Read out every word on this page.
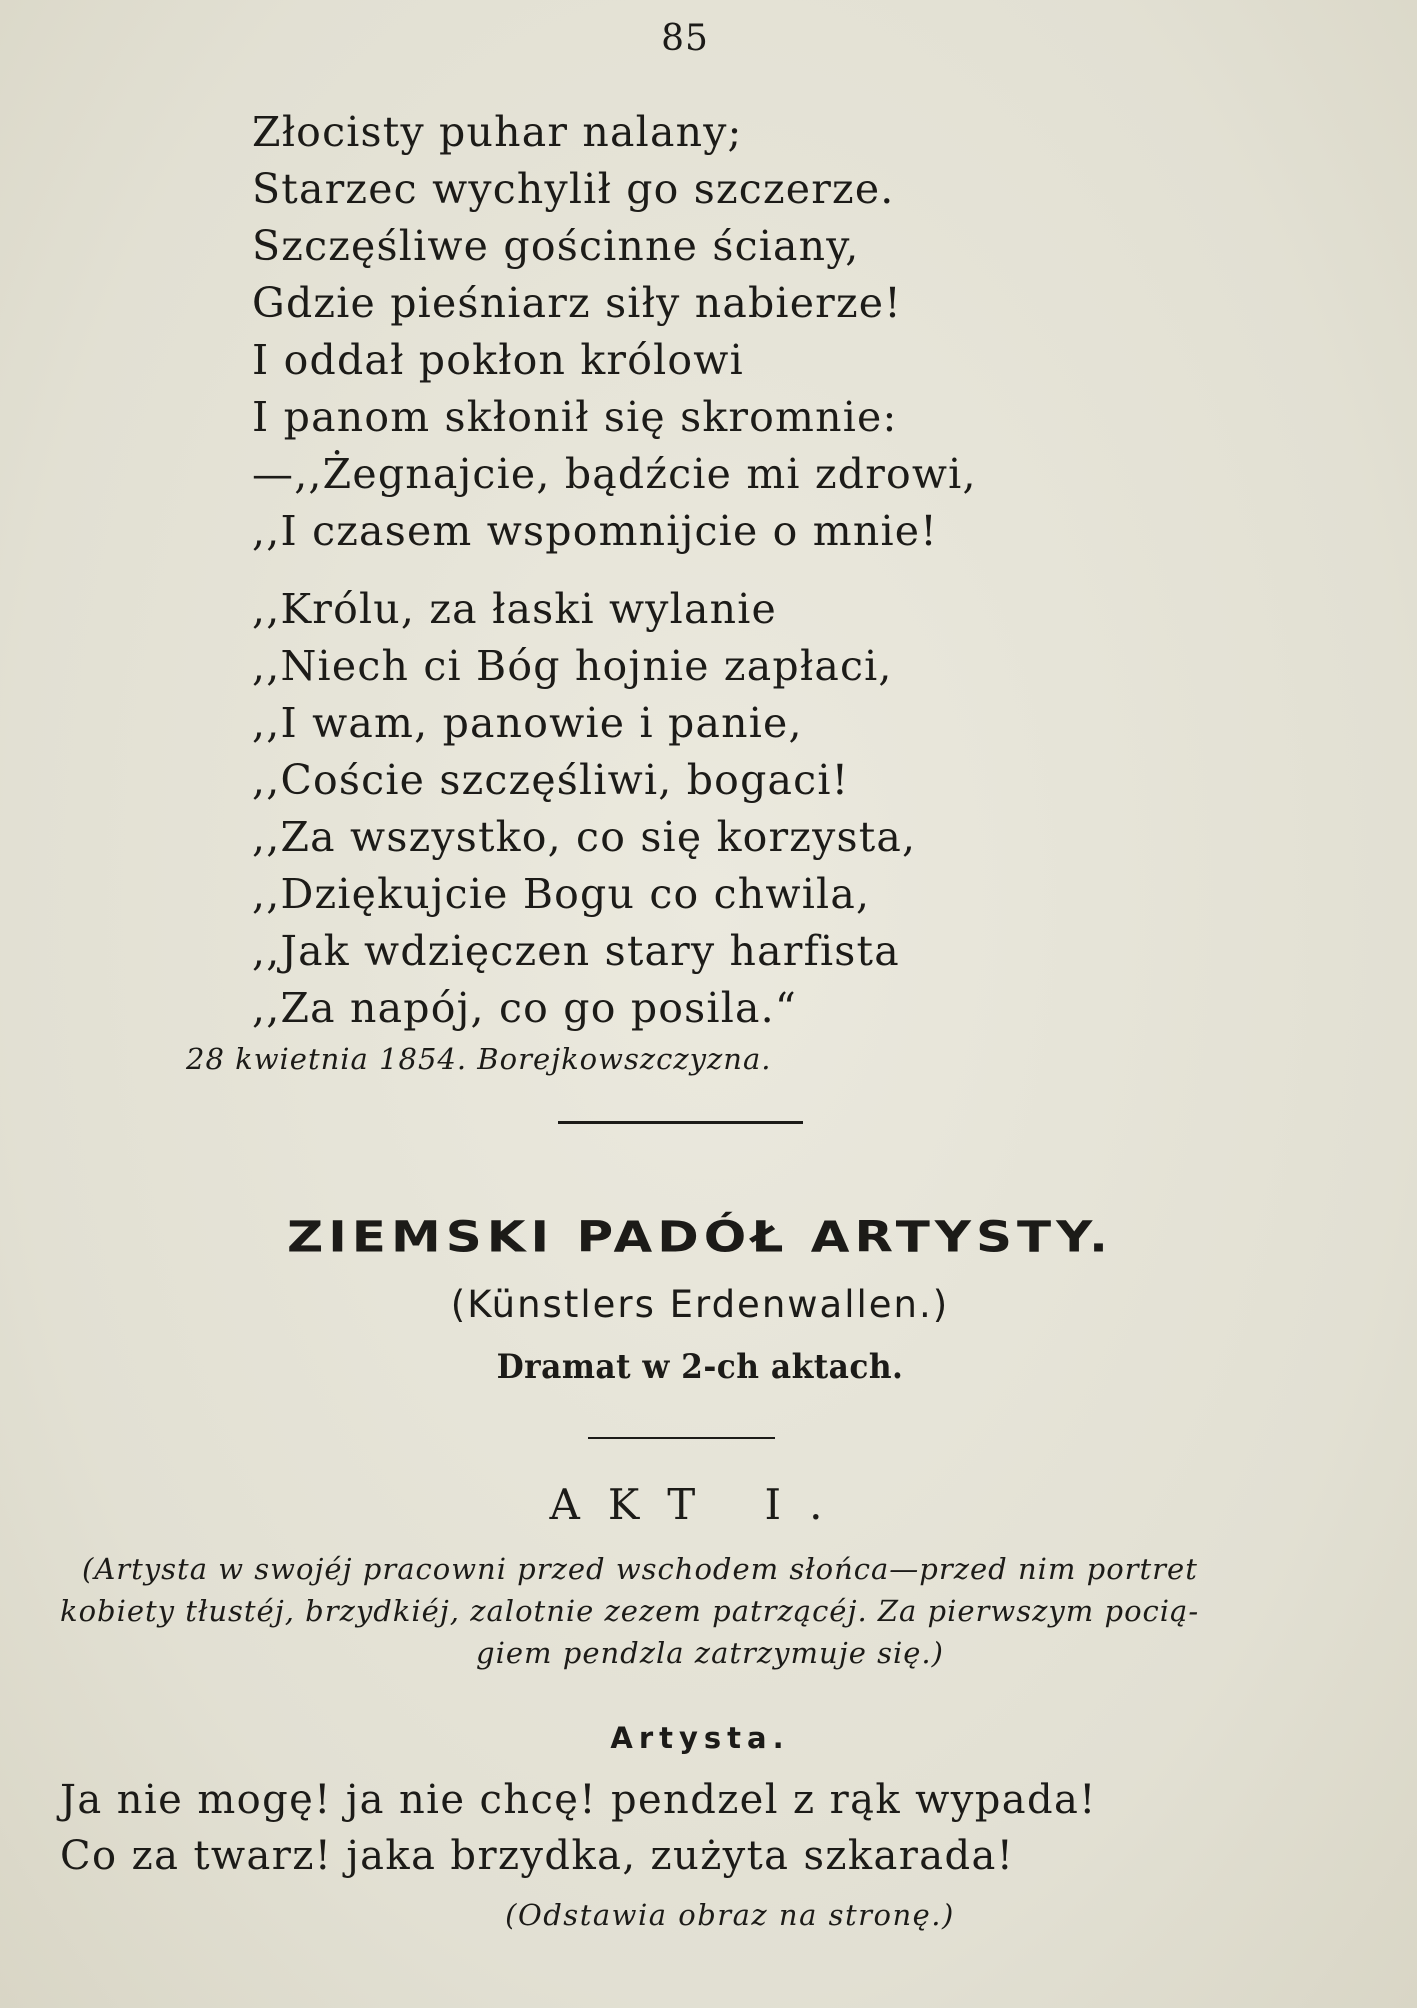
85
Złocisty puhar nalany;
Starzec wychylił go szczerze.
Szczęśliwe gościnne ściany,
Gdzie pieśniarz siły nabierze!
I oddał pokłon królowi
I panom skłonił się skromnie:
—,,Żegnajcie, bądźcie mi zdrowi,
,,I czasem wspomnijcie o mnie!
,,Królu, za łaski wylanie
,,Niech ci Bóg hojnie zapłaci,
,,I wam, panowie i panie,
,,Coście szczęśliwi, bogaci!
,,Za wszystko, co się korzysta,
,,Dziękujcie Bogu co chwila,
,,Jak wdzięczen stary harfista
,,Za napój, co go posila.“
28 kwietnia 1854. Borejkowszczyzna.
ZIEMSKI PADÓŁ ARTYSTY.
(Künstlers Erdenwallen.)
Dramat w 2-ch aktach.
AKT I.
(Artysta w swojéj pracowni przed wschodem słońca—przed nim portret
kobiety tłustéj, brzydkiéj, zalotnie zezem patrzącéj. Za pierwszym pocią-
giem pendzla zatrzymuje się.)
Artysta.
Ja nie mogę! ja nie chcę! pendzel z rąk wypada!
Co za twarz! jaka brzydka, zużyta szkarada!
(Odstawia obraz na stronę.)
